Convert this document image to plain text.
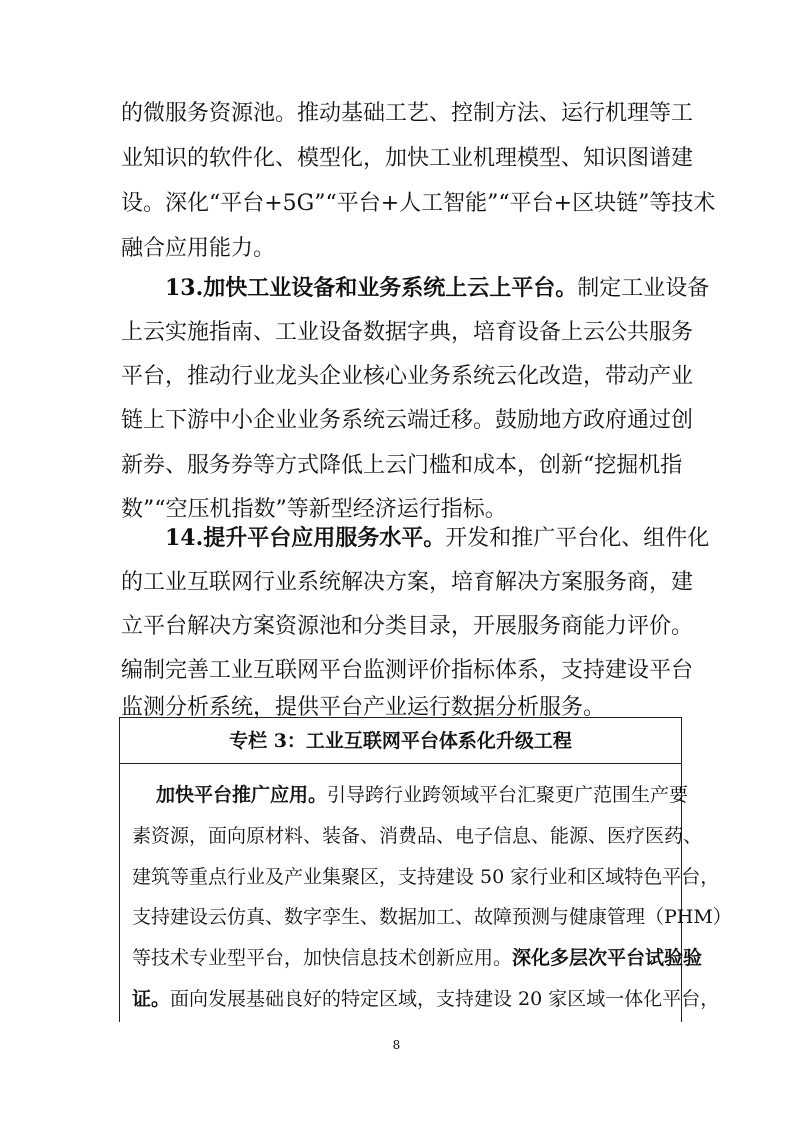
的微服务资源池。推动基础工艺、控制方法、运行机理等工
业知识的软件化、模型化，加快工业机理模型、知识图谱建
设。深化“平台+5G”“平台+人工智能”“平台+区块链”等技术
融合应用能力。
13.加快工业设备和业务系统上云上平台。制定工业设备
上云实施指南、工业设备数据字典，培育设备上云公共服务
平台，推动行业龙头企业核心业务系统云化改造，带动产业
链上下游中小企业业务系统云端迁移。鼓励地方政府通过创
新券、服务券等方式降低上云门槛和成本，创新“挖掘机指
数”“空压机指数”等新型经济运行指标。
14.提升平台应用服务水平。开发和推广平台化、组件化
的工业互联网行业系统解决方案，培育解决方案服务商，建
立平台解决方案资源池和分类目录，开展服务商能力评价。
编制完善工业互联网平台监测评价指标体系，支持建设平台
监测分析系统，提供平台产业运行数据分析服务。
专栏 3：工业互联网平台体系化升级工程
加快平台推广应用。引导跨行业跨领域平台汇聚更广范围生产要
素资源，面向原材料、装备、消费品、电子信息、能源、医疗医药、
建筑等重点行业及产业集聚区，支持建设 50 家行业和区域特色平台，
支持建设云仿真、数字孪生、数据加工、故障预测与健康管理（PHM）
等技术专业型平台，加快信息技术创新应用。深化多层次平台试验验
证。面向发展基础良好的特定区域，支持建设 20 家区域一体化平台，
8
